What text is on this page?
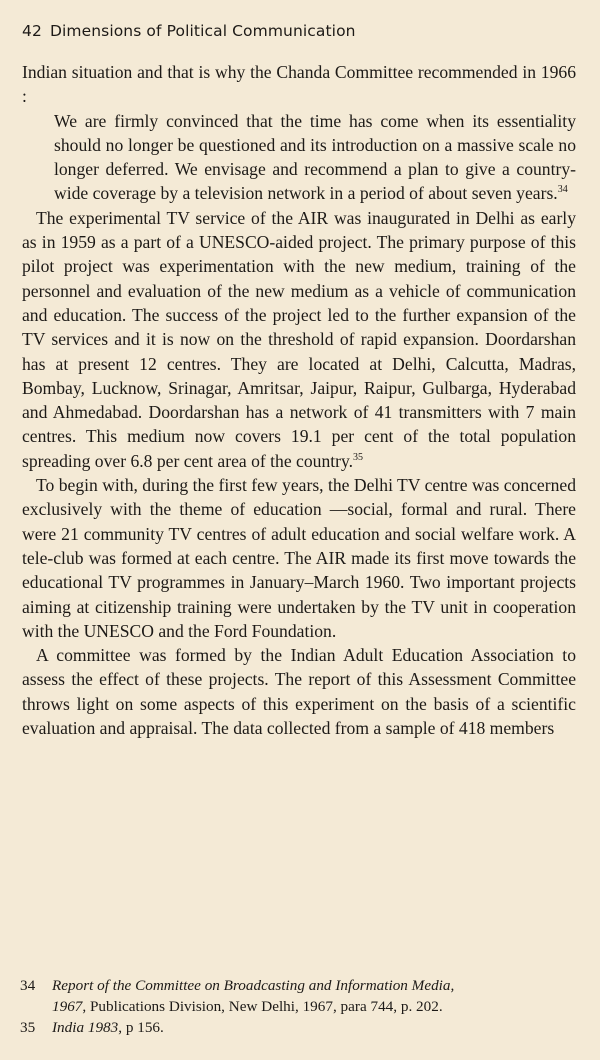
42 Dimensions of Political Communication

Indian situation and that is why the Chanda Committee recommended in 1966 :

We are firmly convinced that the time has come when its essentiality should no longer be questioned and its introduction on a massive scale no longer deferred. We envisage and recommend a plan to give a country-wide coverage by a television network in a period of about seven years.$^{34}$

The experimental TV service of the AIR was inaugurated in Delhi as early as in 1959 as a part of a UNESCO-aided project. The primary purpose of this pilot project was experimentation with the new medium, training of the personnel and evaluation of the new medium as a vehicle of communication and education. The success of the project led to the further expansion of the TV services and it is now on the threshold of rapid expansion. Doordarshan has at present 12 centres. They are located at Delhi, Calcutta, Madras, Bombay, Lucknow, Srinagar, Amritsar, Jaipur, Raipur, Gulbarga, Hyderabad and Ahmedabad. Doordarshan has a network of 41 transmitters with 7 main centres. This medium now covers 19.1 per cent of the total population spreading over 6.8 per cent area of the country.$^{35}$

To begin with, during the first few years, the Delhi TV centre was concerned exclusively with the theme of education —social, formal and rural. There were 21 community TV centres of adult education and social welfare work. A tele-club was formed at each centre. The AIR made its first move towards the educational TV programmes in January–March 1960. Two important projects aiming at citizenship training were undertaken by the TV unit in cooperation with the UNESCO and the Ford Foundation.

A committee was formed by the Indian Adult Education Association to assess the effect of these projects. The report of this Assessment Committee throws light on some aspects of this experiment on the basis of a scientific evaluation and appraisal. The data collected from a sample of 418 members

34 Report of the Committee on Broadcasting and Information Media,
1967, Publications Division, New Delhi, 1967, para 744, p. 202.
35 India 1983, p 156.
